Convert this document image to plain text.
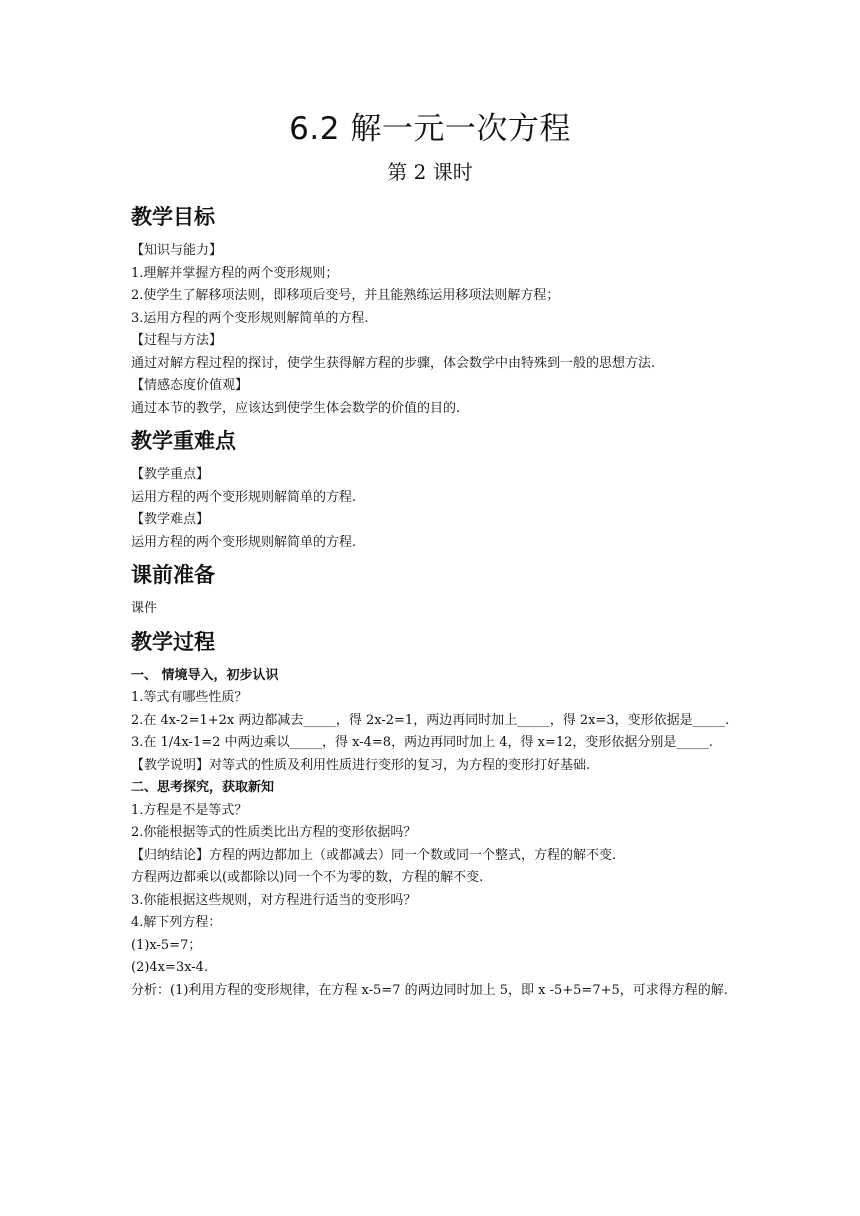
6.2 解一元一次方程
第 2 课时
教学目标
【知识与能力】
1.理解并掌握方程的两个变形规则；
2.使学生了解移项法则，即移项后变号，并且能熟练运用移项法则解方程；
3.运用方程的两个变形规则解简单的方程.
【过程与方法】
通过对解方程过程的探讨，使学生获得解方程的步骤，体会数学中由特殊到一般的思想方法.
【情感态度价值观】
通过本节的教学，应该达到使学生体会数学的价值的目的.
教学重难点
【教学重点】
运用方程的两个变形规则解简单的方程.
【教学难点】
运用方程的两个变形规则解简单的方程.
课前准备
课件
教学过程
一、 情境导入，初步认识
1.等式有哪些性质？
2.在 4x-2=1+2x 两边都减去_____，得 2x-2=1，两边再同时加上_____，得 2x=3，变形依据是_____.
3.在 1/4x-1=2 中两边乘以_____，得 x-4=8，两边再同时加上 4，得 x=12，变形依据分别是_____.
【教学说明】对等式的性质及利用性质进行变形的复习，为方程的变形打好基础.
二、思考探究，获取新知
1.方程是不是等式？
2.你能根据等式的性质类比出方程的变形依据吗？
【归纳结论】方程的两边都加上（或都减去）同一个数或同一个整式，方程的解不变.
方程两边都乘以(或都除以)同一个不为零的数，方程的解不变.
3.你能根据这些规则，对方程进行适当的变形吗？
4.解下列方程：
(1)x-5=7；
(2)4x=3x-4.
分析：(1)利用方程的变形规律，在方程 x-5=7 的两边同时加上 5，即 x -5+5=7+5，可求得方程的解.
